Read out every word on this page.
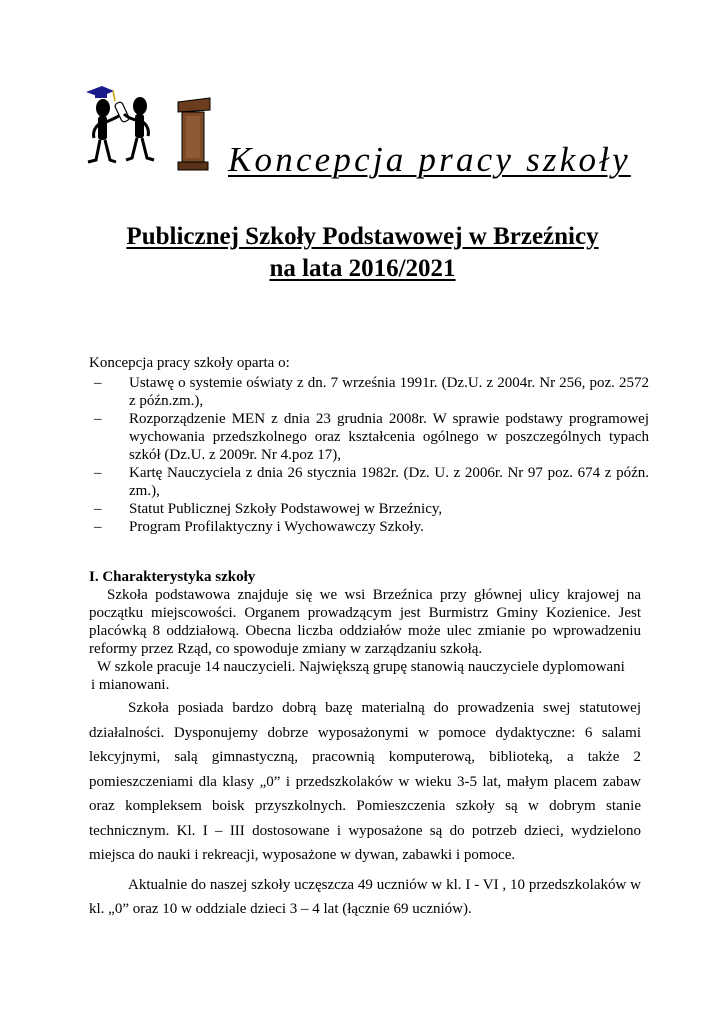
Koncepcja pracy szkoły
Publicznej Szkoły Podstawowej w Brzeźnicy
na lata 2016/2021

Koncepcja pracy szkoły oparta o:

– Ustawę o systemie oświaty z dn. 7 września 1991r. (Dz.U. z 2004r. Nr 256, poz. 2572 z późn.zm.),
– Rozporządzenie MEN z dnia 23 grudnia 2008r. W sprawie podstawy programowej wychowania przedszkolnego oraz kształcenia ogólnego w poszczególnych typach szkół (Dz.U. z 2009r. Nr 4.poz 17),
– Kartę Nauczyciela z dnia 26 stycznia 1982r. (Dz. U. z 2006r. Nr 97 poz. 674 z późn. zm.),
– Statut Publicznej Szkoły Podstawowej w Brzeźnicy,
– Program Profilaktyczny i Wychowawczy Szkoły.
I. Charakterystyka szkoły

Szkoła podstawowa znajduje się we wsi Brzeźnica przy głównej ulicy krajowej na początku miejscowości. Organem prowadzącym jest Burmistrz Gminy Kozienice. Jest placówką 8 oddziałową. Obecna liczba oddziałów może ulec zmianie po wprowadzeniu reformy przez Rząd, co spowoduje zmiany w zarządzaniu szkołą.

W szkole pracuje 14 nauczycieli. Największą grupę stanowią nauczyciele dyplomowani

i mianowani.

Szkoła posiada bardzo dobrą bazę materialną do prowadzenia swej statutowej działalności. Dysponujemy dobrze wyposażonymi w pomoce dydaktyczne: 6 salami lekcyjnymi, salą gimnastyczną, pracownią komputerową, biblioteką, a także 2 pomieszczeniami dla klasy „0” i przedszkolaków w wieku 3-5 lat, małym placem zabaw oraz kompleksem boisk przyszkolnych. Pomieszczenia szkoły są w dobrym stanie technicznym. Kl. I – III dostosowane i wyposażone są do potrzeb dzieci, wydzielono miejsca do nauki i rekreacji, wyposażone w dywan, zabawki i pomoce.

Aktualnie do naszej szkoły uczęszcza 49 uczniów w kl. I - VI , 10 przedszkolaków w kl. „0” oraz 10 w oddziale dzieci 3 – 4 lat (łącznie 69 uczniów).
